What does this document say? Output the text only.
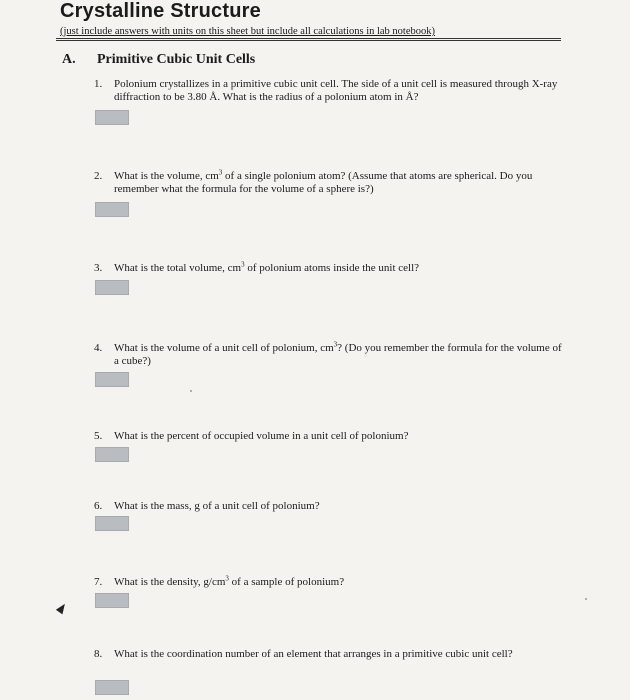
Crystalline Structure
(just include answers with units on this sheet but include all calculations in lab notebook)
A. Primitive Cubic Unit Cells
1.	Polonium crystallizes in a primitive cubic unit cell. The side of a unit cell is measured through X-ray diffraction to be 3.80 Å. What is the radius of a polonium atom in Å?
2.	What is the volume, $cm^3$ of a single polonium atom? (Assume that atoms are spherical. Do you remember what the formula for the volume of a sphere is?)
3.	What is the total volume, $cm^3$ of polonium atoms inside the unit cell?
4.	What is the volume of a unit cell of polonium, $cm^3$? (Do you remember the formula for the volume of a cube?)
5.	What is the percent of occupied volume in a unit cell of polonium?
6.	What is the mass, g of a unit cell of polonium?
7.	What is the density, $g/cm^3$ of a sample of polonium?
8.	What is the coordination number of an element that arranges in a primitive cubic unit cell?
